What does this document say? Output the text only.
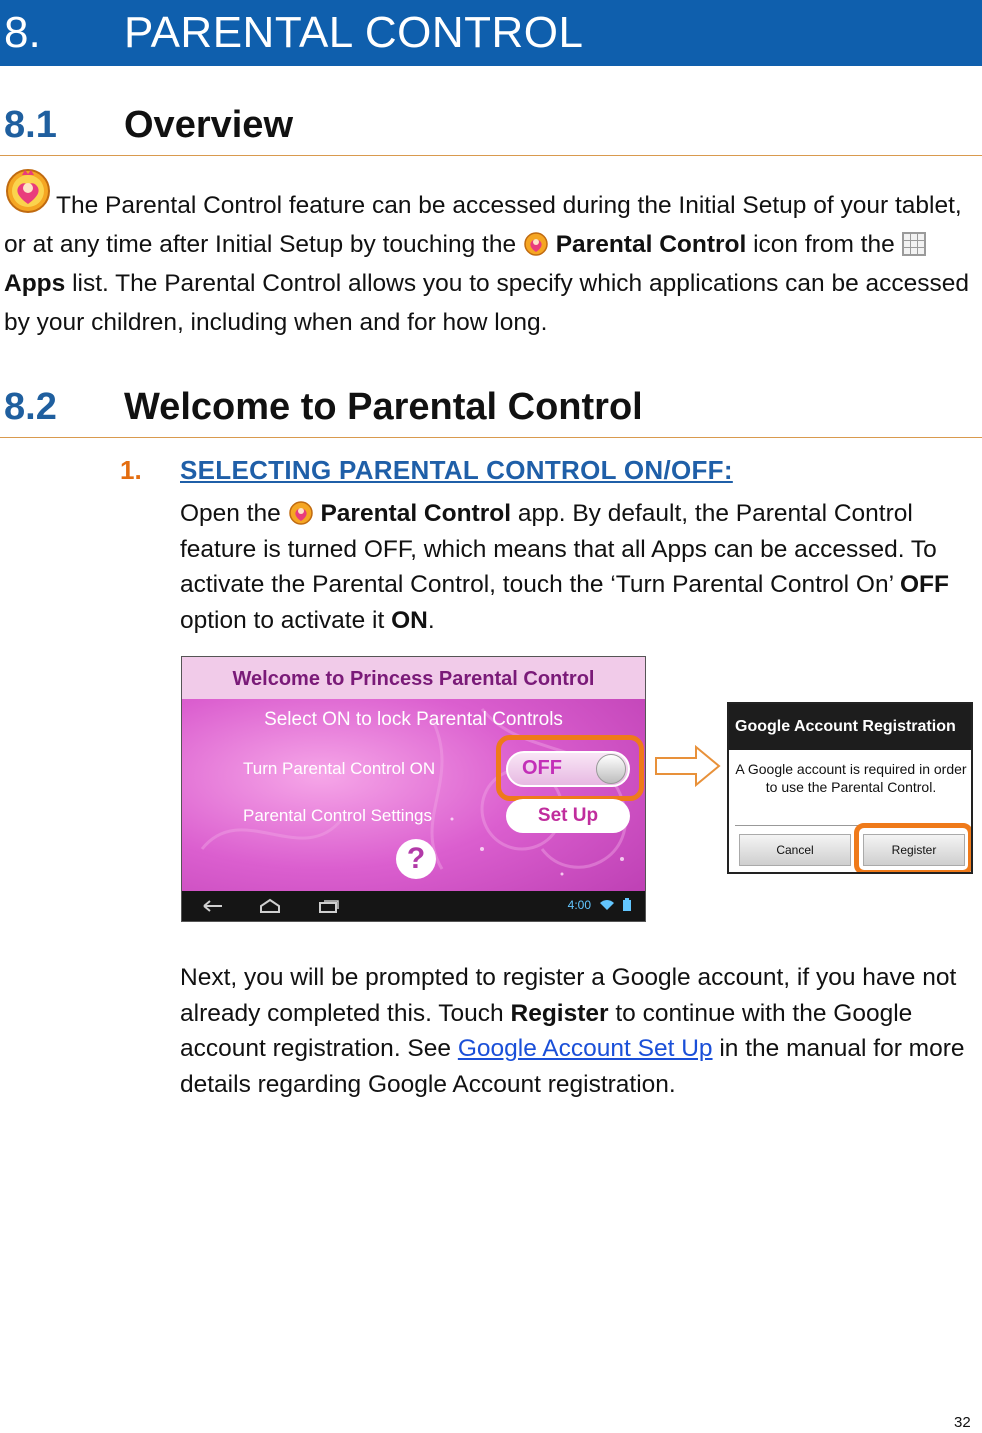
8. PARENTAL CONTROL
8.1 Overview
The Parental Control feature can be accessed during the Initial Setup of your tablet, or at any time after Initial Setup by touching the Parental Control icon from the  Apps list. The Parental Control allows you to specify which applications can be accessed by your children, including when and for how long.
8.2 Welcome to Parental Control
1. SELECTING PARENTAL CONTROL ON/OFF:
Open the Parental Control app. By default, the Parental Control feature is turned OFF, which means that all Apps can be accessed. To activate the Parental Control, touch the ‘Turn Parental Control On’ OFF option to activate it ON.
Welcome to Princess Parental Control
Select ON to lock Parental Controls
Turn Parental Control ON	OFF
Parental Control Settings	Set Up
?
4:00
Google Account Registration
A Google account is required in order to use the Parental Control.
Cancel	Register
Next, you will be prompted to register a Google account, if you have not already completed this. Touch Register to continue with the Google account registration. See Google Account Set Up in the manual for more details regarding Google Account registration.
32
